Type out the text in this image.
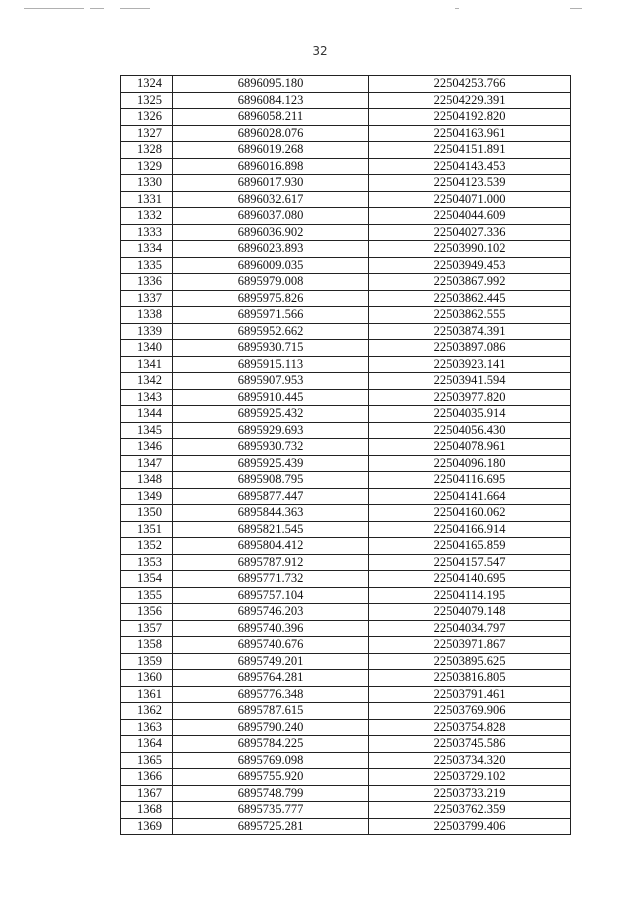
32
1324	6896095.180	22504253.766
1325	6896084.123	22504229.391
1326	6896058.211	22504192.820
1327	6896028.076	22504163.961
1328	6896019.268	22504151.891
1329	6896016.898	22504143.453
1330	6896017.930	22504123.539
1331	6896032.617	22504071.000
1332	6896037.080	22504044.609
1333	6896036.902	22504027.336
1334	6896023.893	22503990.102
1335	6896009.035	22503949.453
1336	6895979.008	22503867.992
1337	6895975.826	22503862.445
1338	6895971.566	22503862.555
1339	6895952.662	22503874.391
1340	6895930.715	22503897.086
1341	6895915.113	22503923.141
1342	6895907.953	22503941.594
1343	6895910.445	22503977.820
1344	6895925.432	22504035.914
1345	6895929.693	22504056.430
1346	6895930.732	22504078.961
1347	6895925.439	22504096.180
1348	6895908.795	22504116.695
1349	6895877.447	22504141.664
1350	6895844.363	22504160.062
1351	6895821.545	22504166.914
1352	6895804.412	22504165.859
1353	6895787.912	22504157.547
1354	6895771.732	22504140.695
1355	6895757.104	22504114.195
1356	6895746.203	22504079.148
1357	6895740.396	22504034.797
1358	6895740.676	22503971.867
1359	6895749.201	22503895.625
1360	6895764.281	22503816.805
1361	6895776.348	22503791.461
1362	6895787.615	22503769.906
1363	6895790.240	22503754.828
1364	6895784.225	22503745.586
1365	6895769.098	22503734.320
1366	6895755.920	22503729.102
1367	6895748.799	22503733.219
1368	6895735.777	22503762.359
1369	6895725.281	22503799.406
